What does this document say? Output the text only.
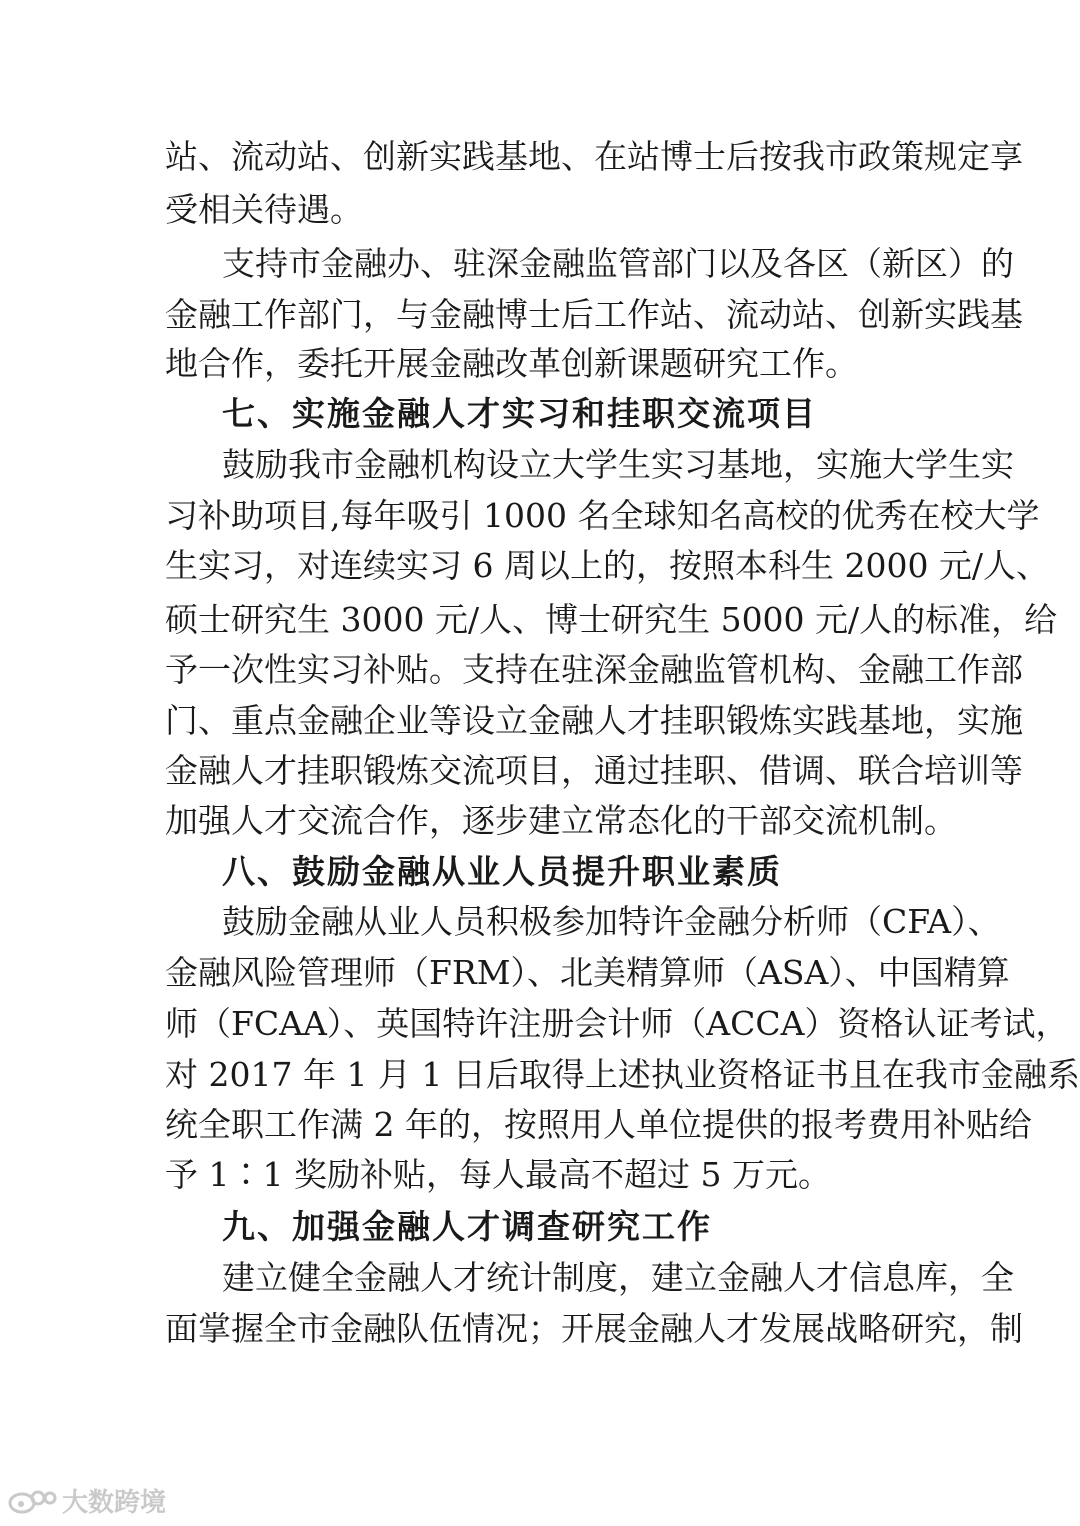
站、流动站、创新实践基地、在站博士后按我市政策规定享
受相关待遇。
支持市金融办、驻深金融监管部门以及各区（新区）的
金融工作部门，与金融博士后工作站、流动站、创新实践基
地合作，委托开展金融改革创新课题研究工作。
七、实施金融人才实习和挂职交流项目
鼓励我市金融机构设立大学生实习基地，实施大学生实
习补助项目,每年吸引 1000 名全球知名高校的优秀在校大学
生实习，对连续实习 6 周以上的，按照本科生 2000 元/人、
硕士研究生 3000 元/人、博士研究生 5000 元/人的标准，给
予一次性实习补贴。支持在驻深金融监管机构、金融工作部
门、重点金融企业等设立金融人才挂职锻炼实践基地，实施
金融人才挂职锻炼交流项目，通过挂职、借调、联合培训等
加强人才交流合作，逐步建立常态化的干部交流机制。
八、鼓励金融从业人员提升职业素质
鼓励金融从业人员积极参加特许金融分析师（CFA）、
金融风险管理师（FRM）、北美精算师（ASA）、中国精算
师（FCAA）、英国特许注册会计师（ACCA）资格认证考试，
对 2017 年 1 月 1 日后取得上述执业资格证书且在我市金融系
统全职工作满 2 年的，按照用人单位提供的报考费用补贴给
予 1∶1 奖励补贴，每人最高不超过 5 万元。
九、加强金融人才调查研究工作
建立健全金融人才统计制度，建立金融人才信息库，全
面掌握全市金融队伍情况；开展金融人才发展战略研究，制
大数跨境
